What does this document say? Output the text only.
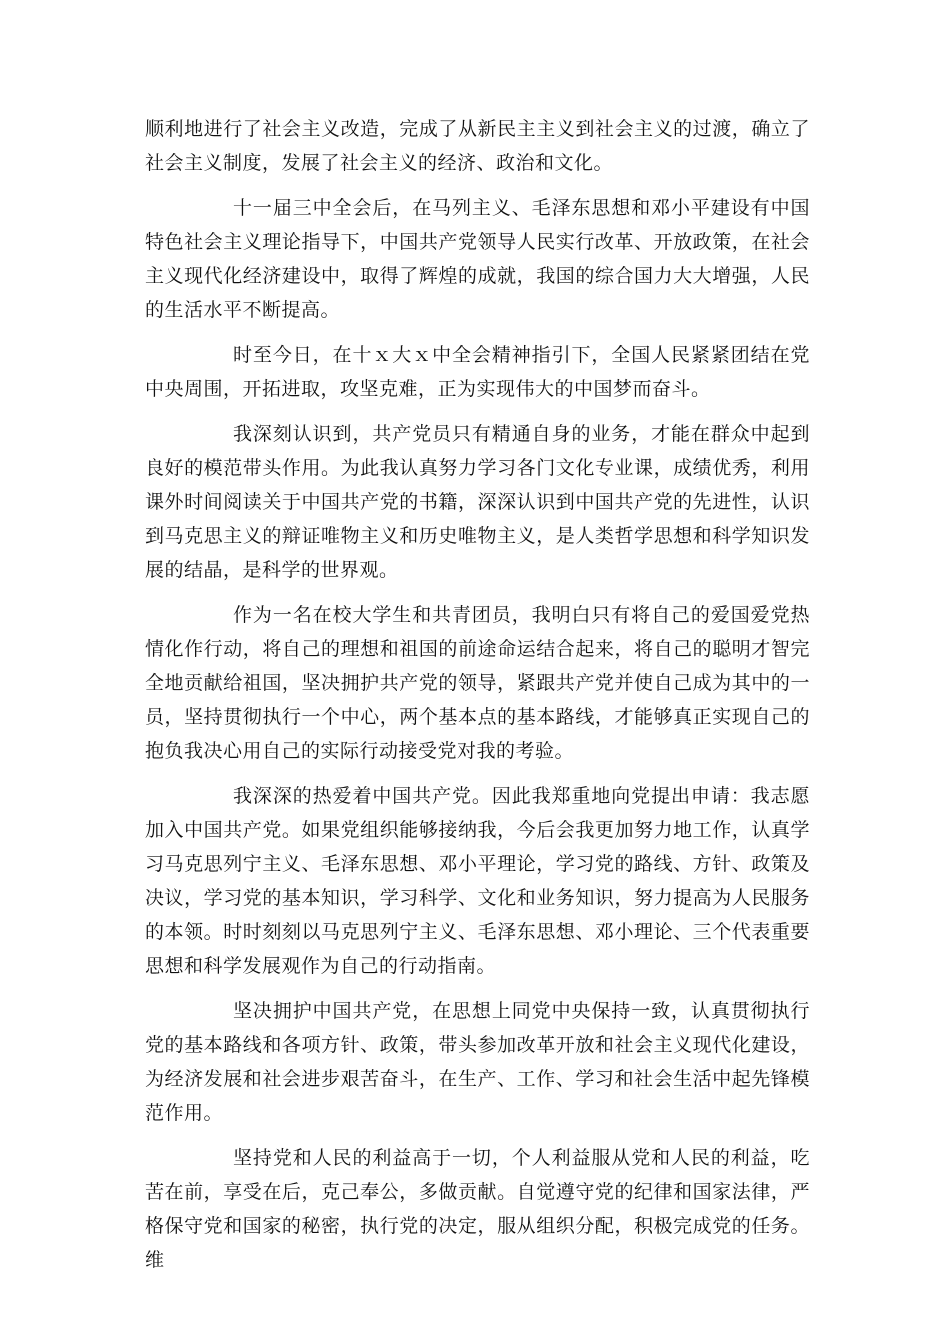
顺利地进行了社会主义改造，完成了从新民主主义到社会主义的过渡，确立了社会主义制度，发展了社会主义的经济、政治和文化。

十一届三中全会后，在马列主义、毛泽东思想和邓小平建设有中国特色社会主义理论指导下，中国共产党领导人民实行改革、开放政策，在社会主义现代化经济建设中，取得了辉煌的成就，我国的综合国力大大增强，人民的生活水平不断提高。

时至今日，在十ｘ大ｘ中全会精神指引下，全国人民紧紧团结在党中央周围，开拓进取，攻坚克难，正为实现伟大的中国梦而奋斗。

我深刻认识到，共产党员只有精通自身的业务，才能在群众中起到良好的模范带头作用。为此我认真努力学习各门文化专业课，成绩优秀，利用课外时间阅读关于中国共产党的书籍，深深认识到中国共产党的先进性，认识到马克思主义的辩证唯物主义和历史唯物主义，是人类哲学思想和科学知识发展的结晶，是科学的世界观。

作为一名在校大学生和共青团员，我明白只有将自己的爱国爱党热情化作行动，将自己的理想和祖国的前途命运结合起来，将自己的聪明才智完全地贡献给祖国，坚决拥护共产党的领导，紧跟共产党并使自己成为其中的一员，坚持贯彻执行一个中心，两个基本点的基本路线，才能够真正实现自己的抱负我决心用自己的实际行动接受党对我的考验。

我深深的热爱着中国共产党。因此我郑重地向党提出申请：我志愿加入中国共产党。如果党组织能够接纳我，今后会我更加努力地工作，认真学习马克思列宁主义、毛泽东思想、邓小平理论，学习党的路线、方针、政策及决议，学习党的基本知识，学习科学、文化和业务知识，努力提高为人民服务的本领。时时刻刻以马克思列宁主义、毛泽东思想、邓小理论、三个代表重要思想和科学发展观作为自己的行动指南。

坚决拥护中国共产党，在思想上同党中央保持一致，认真贯彻执行党的基本路线和各项方针、政策，带头参加改革开放和社会主义现代化建设，为经济发展和社会进步艰苦奋斗，在生产、工作、学习和社会生活中起先锋模范作用。

坚持党和人民的利益高于一切，个人利益服从党和人民的利益，吃苦在前，享受在后，克己奉公，多做贡献。自觉遵守党的纪律和国家法律，严格保守党和国家的秘密，执行党的决定，服从组织分配，积极完成党的任务。维
